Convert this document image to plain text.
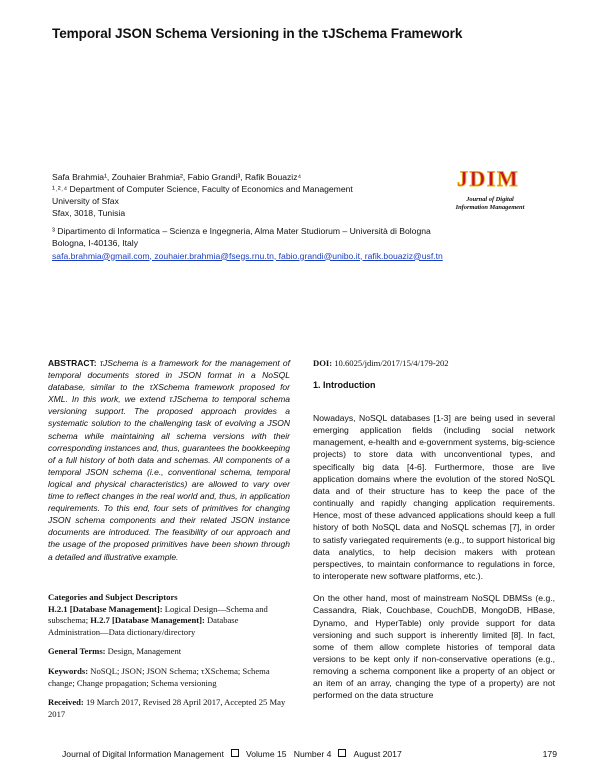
Temporal JSON Schema Versioning in the τJSchema Framework
Safa Brahmia¹, Zouhaier Brahmia², Fabio Grandi³, Rafik Bouaziz⁴
¹˒²˒⁴ Department of Computer Science, Faculty of Economics and Management
University of Sfax
Sfax, 3018, Tunisia
³ Dipartimento di Informatica – Scienza e Ingegneria, Alma Mater Studiorum – Università di Bologna
Bologna, I-40136, Italy
safa.brahmia@gmail.com, zouhaier.brahmia@fsegs.rnu.tn, fabio.grandi@unibo.it, rafik.bouaziz@usf.tn
JDIM
Journal of Digital
Information Management
ABSTRACT: τJSchema is a framework for the management of temporal documents stored in JSON format in a NoSQL database, similar to the τXSchema framework proposed for XML. In this work, we extend τJSchema to temporal schema versioning support. The proposed approach provides a systematic solution to the challenging task of evolving a JSON schema while maintaining all schema versions with their corresponding instances and, thus, guarantees the bookkeeping of a full history of both data and schemas. All components of a temporal JSON schema (i.e., conventional schema, temporal logical and physical characteristics) are allowed to vary over time to reflect changes in the real world and, thus, in application requirements. To this end, four sets of primitives for changing JSON schema components and their related JSON instance documents are introduced. The feasibility of our approach and the usage of the proposed primitives have been shown through a detailed and illustrative example.

Categories and Subject Descriptors
H.2.1 [Database Management]: Logical Design—Schema and subschema; H.2.7 [Database Management]: Database Administration—Data dictionary/directory

General Terms: Design, Management

Keywords: NoSQL; JSON; JSON Schema; τXSchema; Schema change; Change propagation; Schema versioning

Received: 19 March 2017, Revised 28 April 2017, Accepted 25 May 2017

DOI: 10.6025/jdim/2017/15/4/179-202
1. Introduction

Nowadays, NoSQL databases [1-3] are being used in several emerging application fields (including social network management, e-health and e-government systems, big-science projects) to store data with unconventional types, and specifically big data [4-6]. Furthermore, those are live application domains where the evolution of the stored NoSQL data and of their structure has to keep the pace of the continually and rapidly changing application requirements. Hence, most of these advanced applications should keep a full history of both NoSQL data and NoSQL schemas [7], in order to satisfy variegated requirements (e.g., to support historical big data analytics, to help decision makers with protean perspectives, to maintain conformance to regulations in force, to interoperate new software platforms, etc.).

On the other hand, most of mainstream NoSQL DBMSs (e.g., Cassandra, Riak, Couchbase, CouchDB, MongoDB, HBase, Dynamo, and HyperTable) only provide support for data versioning and such support is inherently limited [8]. In fact, some of them allow complete histories of temporal data versions to be kept only if non-conservative operations (e.g., removing a schema component like a property of an object or an item of an array, changing the type of a property) are not performed on the data structure

Journal of Digital Information Management	Volume 15 Number 4	August 2017	179
